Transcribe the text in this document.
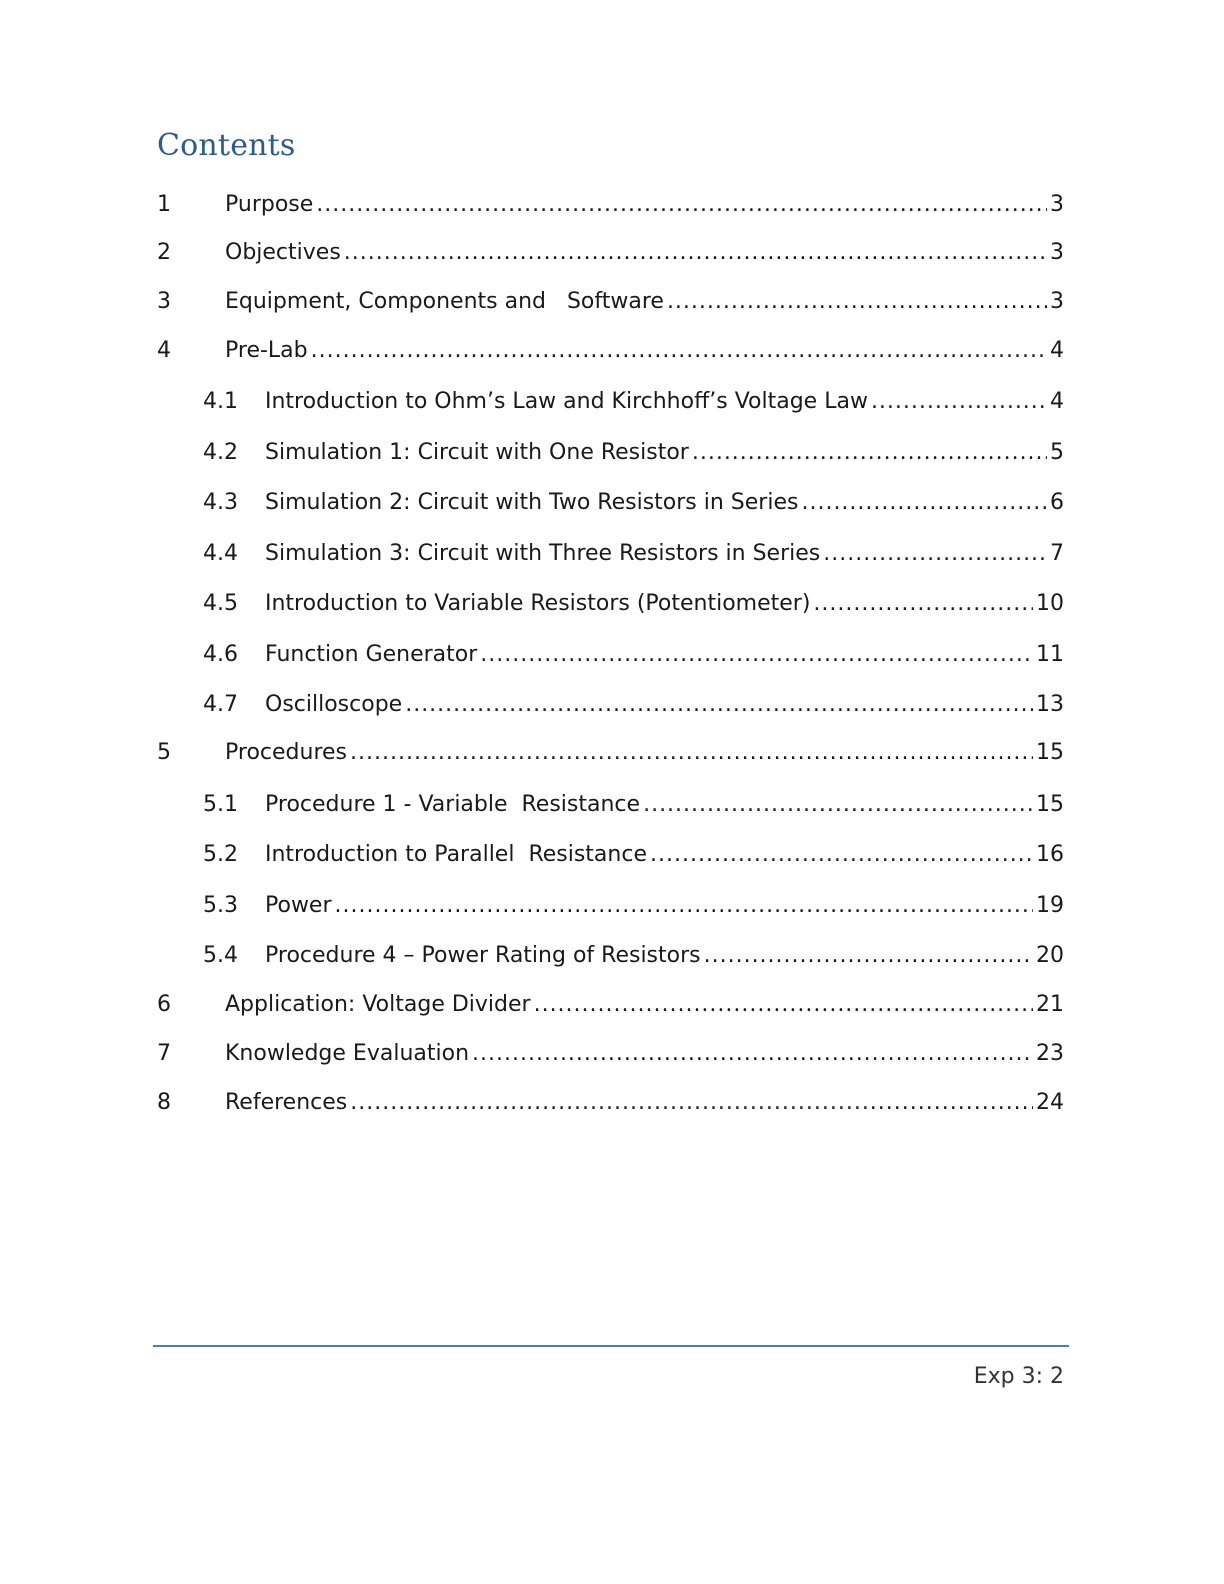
Contents
1	Purpose .....	3
2	Objectives .....	3
3	Equipment, Components and   Software .....	3
4	Pre-Lab .....	4
4.1	Introduction to Ohm’s Law and Kirchhoff’s Voltage Law .....	4
4.2	Simulation 1: Circuit with One Resistor .....	5
4.3	Simulation 2: Circuit with Two Resistors in Series .....	6
4.4	Simulation 3: Circuit with Three Resistors in Series .....	7
4.5	Introduction to Variable Resistors (Potentiometer) .....	10
4.6	Function Generator .....	11
4.7	Oscilloscope .....	13
5	Procedures .....	15
5.1	Procedure 1 - Variable  Resistance .....	15
5.2	Introduction to Parallel  Resistance .....	16
5.3	Power .....	19
5.4	Procedure 4 – Power Rating of Resistors .....	20
6	Application: Voltage Divider .....	21
7	Knowledge Evaluation .....	23
8	References .....	24
Exp 3: 2
